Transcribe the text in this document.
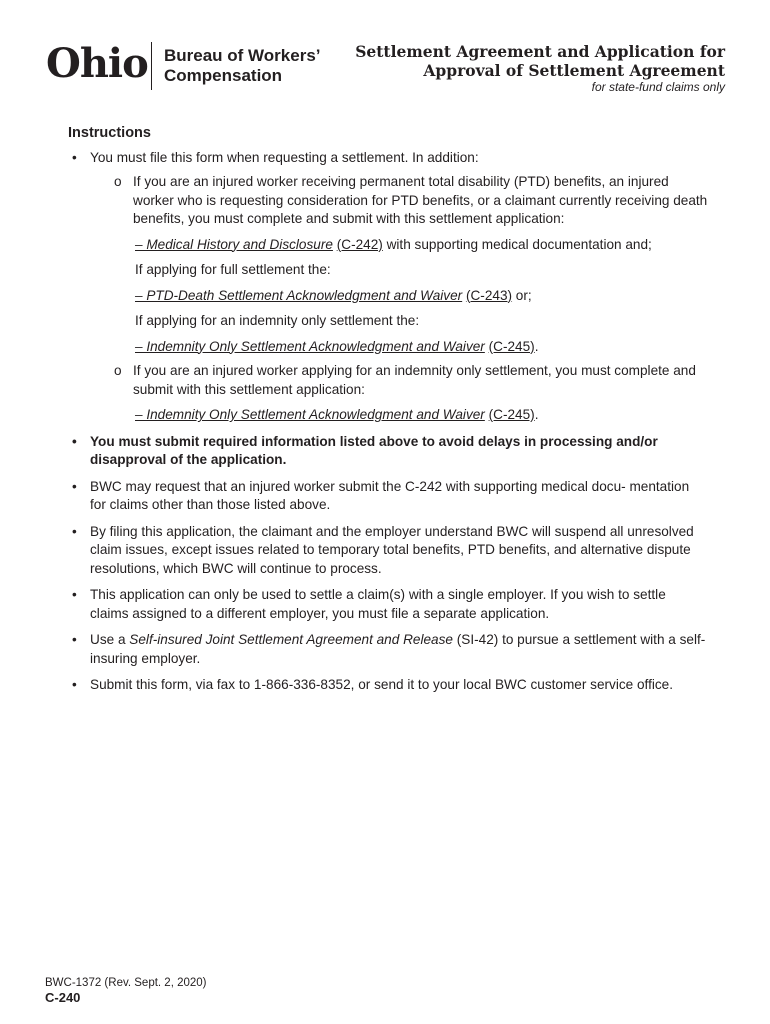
Ohio Bureau of Workers’
Compensation
Settlement Agreement and Application for
Approval of Settlement Agreement
for state-fund claims only
Instructions
• You must file this form when requesting a settlement. In addition:
o If you are an injured worker receiving permanent total disability (PTD) benefits, an injured worker who is requesting consideration for PTD benefits, or a claimant currently receiving death benefits, you must complete and submit with this settlement application:
– Medical History and Disclosure (C-242) with supporting medical documentation and;
If applying for full settlement the:
– PTD-Death Settlement Acknowledgment and Waiver (C-243) or;
If applying for an indemnity only settlement the:
– Indemnity Only Settlement Acknowledgment and Waiver (C-245).
o If you are an injured worker applying for an indemnity only settlement, you must complete and submit with this settlement application:
– Indemnity Only Settlement Acknowledgment and Waiver (C-245).
• You must submit required information listed above to avoid delays in processing and/or disapproval of the application.
• BWC may request that an injured worker submit the C-242 with supporting medical docu- mentation for claims other than those listed above.
• By filing this application, the claimant and the employer understand BWC will suspend all unresolved claim issues, except issues related to temporary total benefits, PTD benefits, and alternative dispute resolutions, which BWC will continue to process.
• This application can only be used to settle a claim(s) with a single employer. If you wish to settle claims assigned to a different employer, you must file a separate application.
• Use a Self-insured Joint Settlement Agreement and Release (SI-42) to pursue a settlement with a self-insuring employer.
• Submit this form, via fax to 1-866-336-8352, or send it to your local BWC customer service office.
BWC-1372 (Rev. Sept. 2, 2020)
C-240
